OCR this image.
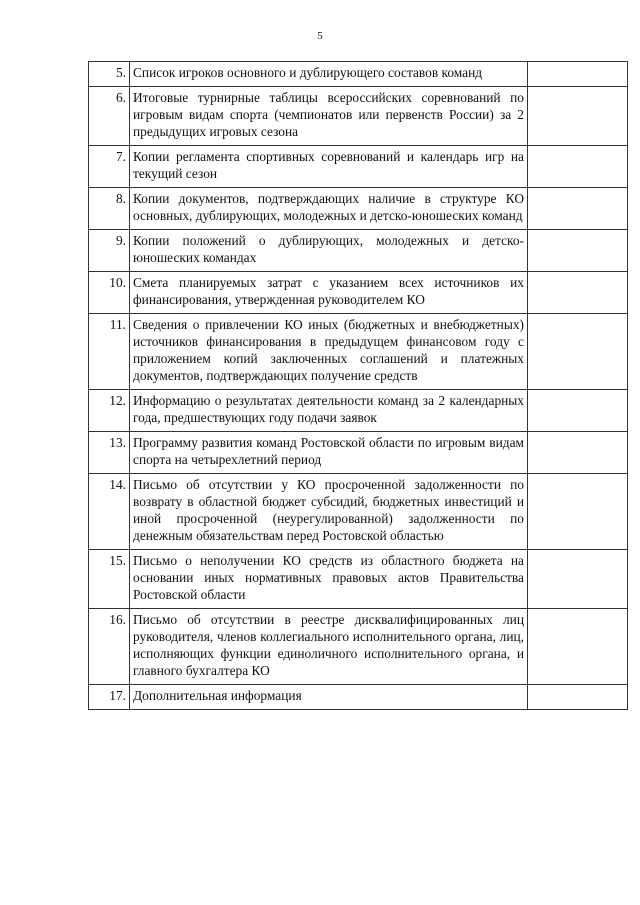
5
5.	Список игроков основного и дублирующего составов команд	
6.	Итоговые турнирные таблицы всероссийских соревнований по игровым видам спорта (чемпионатов или первенств России) за 2 предыдущих игровых сезона	
7.	Копии регламента спортивных соревнований и календарь игр на текущий сезон	
8.	Копии документов, подтверждающих наличие в структуре КО основных, дублирующих, молодежных и детско-юношеских команд	
9.	Копии положений о дублирующих, молодежных и детско-юношеских командах	
10.	Смета планируемых затрат с указанием всех источников их финансирования, утвержденная руководителем КО	
11.	Сведения о привлечении КО иных (бюджетных и внебюджетных) источников финансирования в предыдущем финансовом году с приложением копий заключенных соглашений и платежных документов, подтверждающих получение средств	
12.	Информацию о результатах деятельности команд за 2 календарных года, предшествующих году подачи заявок	
13.	Программу развития команд Ростовской области по игровым видам спорта на четырехлетний период	
14.	Письмо об отсутствии у КО просроченной задолженности по возврату в областной бюджет субсидий, бюджетных инвестиций и иной просроченной (неурегулированной) задолженности по денежным обязательствам перед Ростовской областью	
15.	Письмо о неполучении КО средств из областного бюджета на основании иных нормативных правовых актов Правительства Ростовской области	
16.	Письмо об отсутствии в реестре дисквалифицированных лиц руководителя, членов коллегиального исполнительного органа, лиц, исполняющих функции единоличного исполнительного органа, и главного бухгалтера КО	
17.	Дополнительная информация	
